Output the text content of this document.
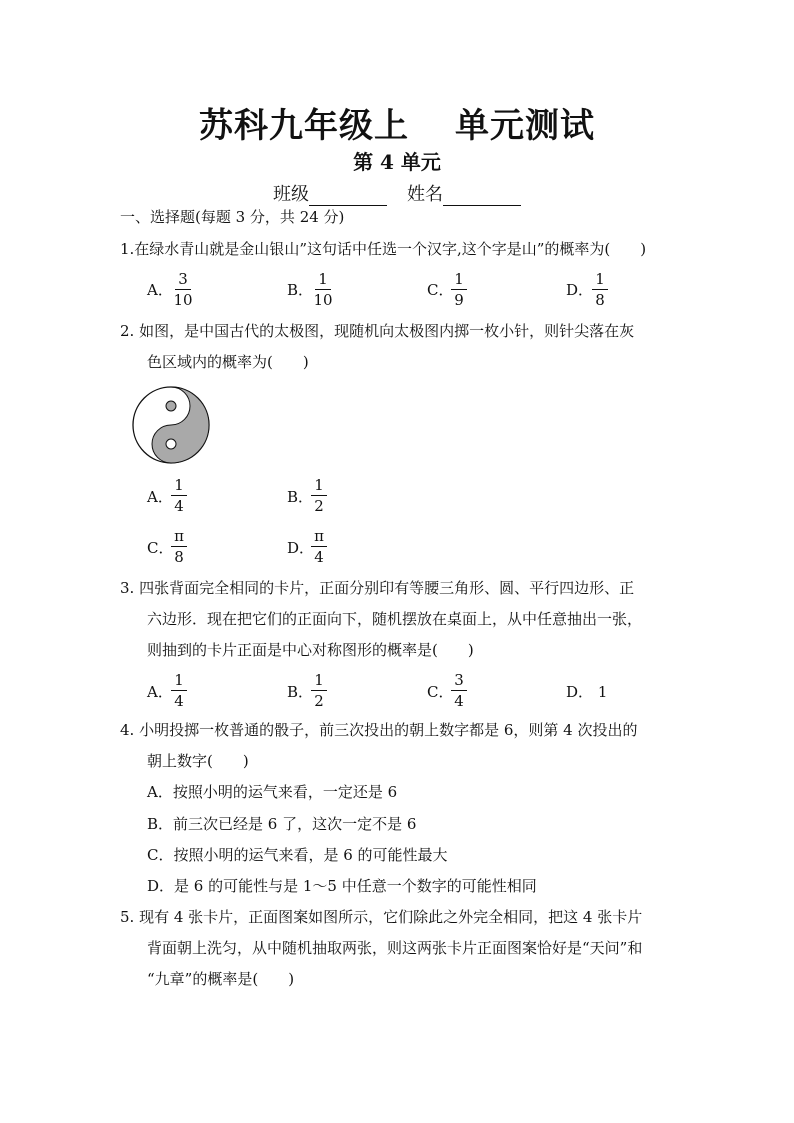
苏科九年级上 单元测试
第 4 单元
班级	姓名
一、选择题(每题 3 分，共 24 分)
1.在绿水青山就是金山银山”这句话中任选一个汉字,这个字是山”的概率为(　　)
A．
3
10
B．
1
10
C．
1
9
D．
1
8
2. 如图，是中国古代的太极图，现随机向太极图内掷一枚小针，则针尖落在灰
色区域内的概率为(　　)
A．
1
4	B．
1
2
C．
π
8	D．
π
4
3. 四张背面完全相同的卡片，正面分别印有等腰三角形、圆、平行四边形、正
六边形．现在把它们的正面向下，随机摆放在桌面上，从中任意抽出一张，
则抽到的卡片正面是中心对称图形的概率是(　　)
A．
1
4	B．
1
2	C．
3
4	D． 1
4. 小明投掷一枚普通的骰子，前三次投出的朝上数字都是 6，则第 4 次投出的
朝上数字(　　)
A．按照小明的运气来看，一定还是 6
B．前三次已经是 6 了，这次一定不是 6
C．按照小明的运气来看，是 6 的可能性最大
D．是 6 的可能性与是 1～5 中任意一个数字的可能性相同
5. 现有 4 张卡片，正面图案如图所示，它们除此之外完全相同，把这 4 张卡片
背面朝上洗匀，从中随机抽取两张，则这两张卡片正面图案恰好是“天问”和
“九章”的概率是(　　)
